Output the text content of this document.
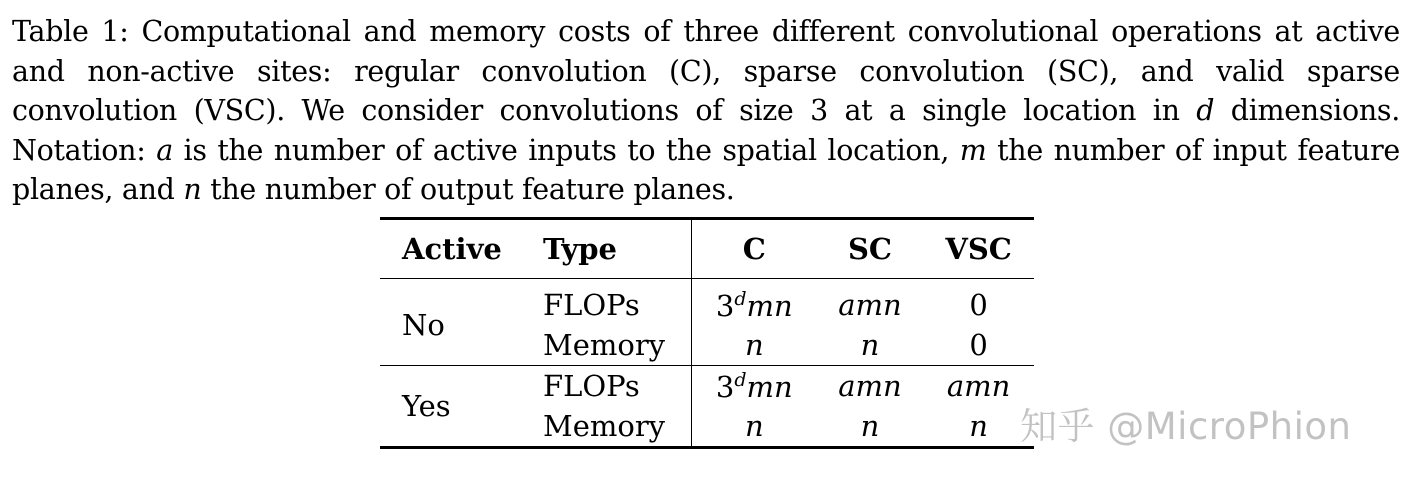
Table 1: Computational and memory costs of three different convolutional operations at active and non-active sites: regular convolution (C), sparse convolution (SC), and valid sparse convolution (VSC). We consider convolutions of size 3 at a single location in d dimensions. Notation: a is the number of active inputs to the spatial location, m the number of input feature planes, and n the number of output feature planes.
Active	Type	C	SC	VSC
No	FLOPs	3$^d$mn	amn	0
	Memory	n	n	0
Yes	FLOPs	3$^d$mn	amn	amn
	Memory	n	n	n 知乎 @MicroPhion
